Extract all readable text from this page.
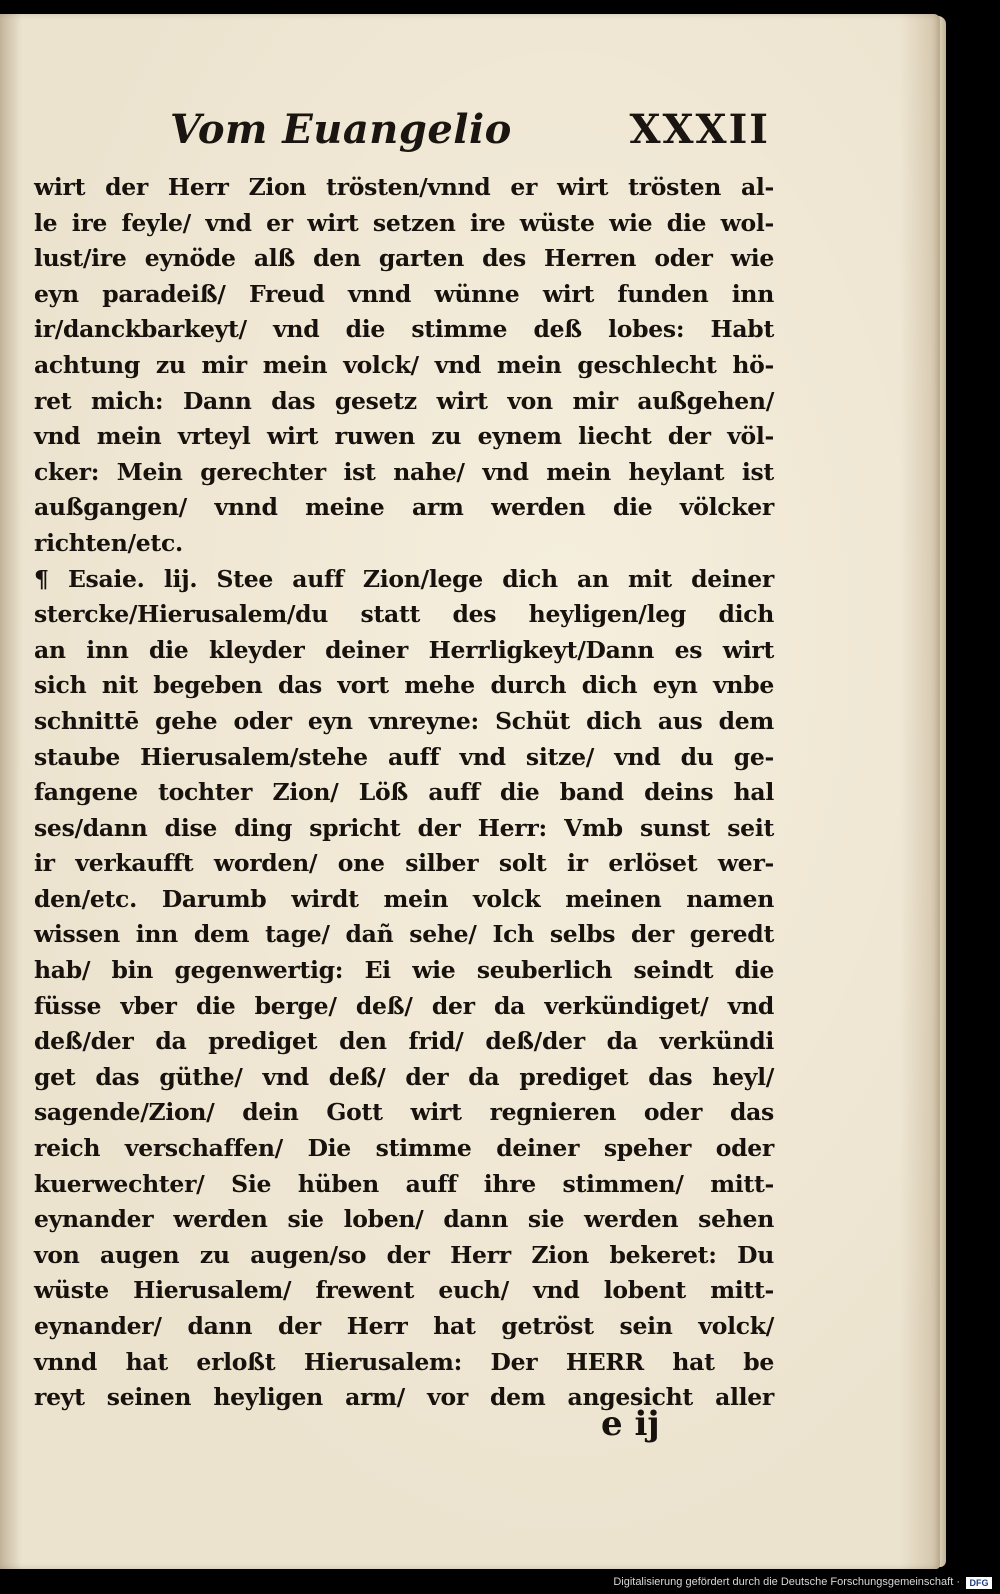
Vom Euangelio	XXXII
wirt der Herr Zion trösten/vnnd er wirt trösten al‑
le ire feyle/ vnd er wirt setzen ire wüste wie die wol‑
lust/ire eynöde alß den garten des Herren oder wie
eyn paradeiß/ Freud vnnd wünne wirt funden inn
ir/danckbarkeyt/ vnd die stimme deß lobes: Habt
achtung zu mir mein volck/ vnd mein geschlecht hö‑
ret mich: Dann das gesetz wirt von mir außgehen/
vnd mein vrteyl wirt ruwen zu eynem liecht der völ‑
cker: Mein gerechter ist nahe/ vnd mein heylant ist
außgangen/ vnnd meine arm werden die völcker
richten/etc.
¶ Esaie. lij. Stee auff Zion/lege dich an mit deiner
stercke/Hierusalem/du statt des heyligen/leg dich
an inn die kleyder deiner Herrligkeyt/Dann es wirt
sich nit begeben das vort mehe durch dich eyn vnbe
schnittē gehe oder eyn vnreyne: Schüt dich aus dem
staube Hierusalem/stehe auff vnd sitze/ vnd du ge‑
fangene tochter Zion/ Löß auff die band deins hal
ses/dann dise ding spricht der Herr: Vmb sunst seit
ir verkaufft worden/ one silber solt ir erlöset wer‑
den/etc. Darumb wirdt mein volck meinen namen
wissen inn dem tage/ dañ sehe/ Ich selbs der geredt
hab/ bin gegenwertig: Ei wie seuberlich seindt die
füsse vber die berge/ deß/ der da verkündiget/ vnd
deß/der da prediget den frid/ deß/der da verkündi
get das güthe/ vnd deß/ der da prediget das heyl/
sagende/Zion/ dein Gott wirt regnieren oder das
reich verschaffen/ Die stimme deiner speher oder
kuerwechter/ Sie hüben auff ihre stimmen/ mitt‑
eynander werden sie loben/ dann sie werden sehen
von augen zu augen/so der Herr Zion bekeret: Du
wüste Hierusalem/ frewent euch/ vnd lobent mitt‑
eynander/ dann der Herr hat getröst sein volck/
vnnd hat erloßt Hierusalem: Der HERR hat be
reyt seinen heyligen arm/ vor dem angesicht aller
e ij
Digitalisierung gefördert durch die Deutsche Forschungsgemeinschaft ·	DFG
